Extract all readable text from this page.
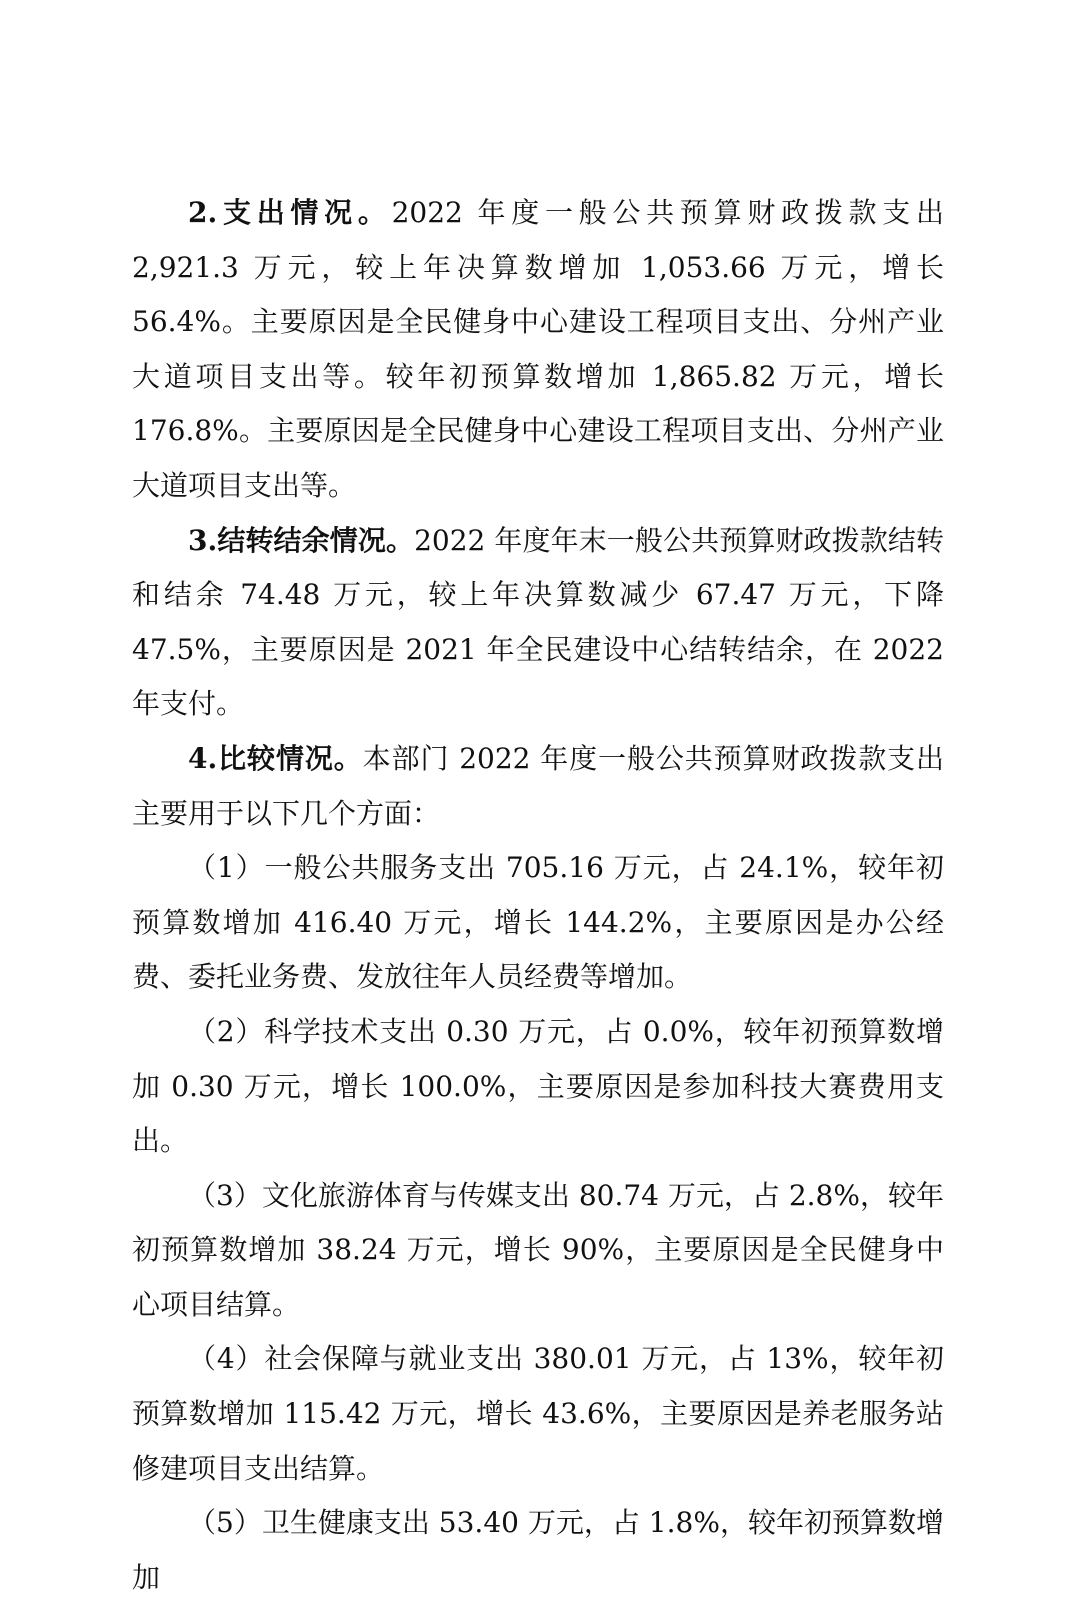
2.支出情况。2022 年度一般公共预算财政拨款支出 2,921.3 万元，较上年决算数增加 1,053.66 万元，增长 56.4%。主要原因是全民健身中心建设工程项目支出、分州产业大道项目支出等。较年初预算数增加 1,865.82 万元，增长 176.8%。主要原因是全民健身中心建设工程项目支出、分州产业大道项目支出等。

3.结转结余情况。2022 年度年末一般公共预算财政拨款结转和结余 74.48 万元，较上年决算数减少 67.47 万元，下降 47.5%，主要原因是 2021 年全民建设中心结转结余，在 2022 年支付。

4.比较情况。本部门 2022 年度一般公共预算财政拨款支出主要用于以下几个方面：

（1）一般公共服务支出 705.16 万元，占 24.1%，较年初预算数增加 416.40 万元，增长 144.2%，主要原因是办公经费、委托业务费、发放往年人员经费等增加。

（2）科学技术支出 0.30 万元，占 0.0%，较年初预算数增加 0.30 万元，增长 100.0%，主要原因是参加科技大赛费用支出。

（3）文化旅游体育与传媒支出 80.74 万元，占 2.8%，较年初预算数增加 38.24 万元，增长 90%，主要原因是全民健身中心项目结算。

（4）社会保障与就业支出 380.01 万元，占 13%，较年初预算数增加 115.42 万元，增长 43.6%，主要原因是养老服务站修建项目支出结算。

（5）卫生健康支出 53.40 万元，占 1.8%，较年初预算数增加
